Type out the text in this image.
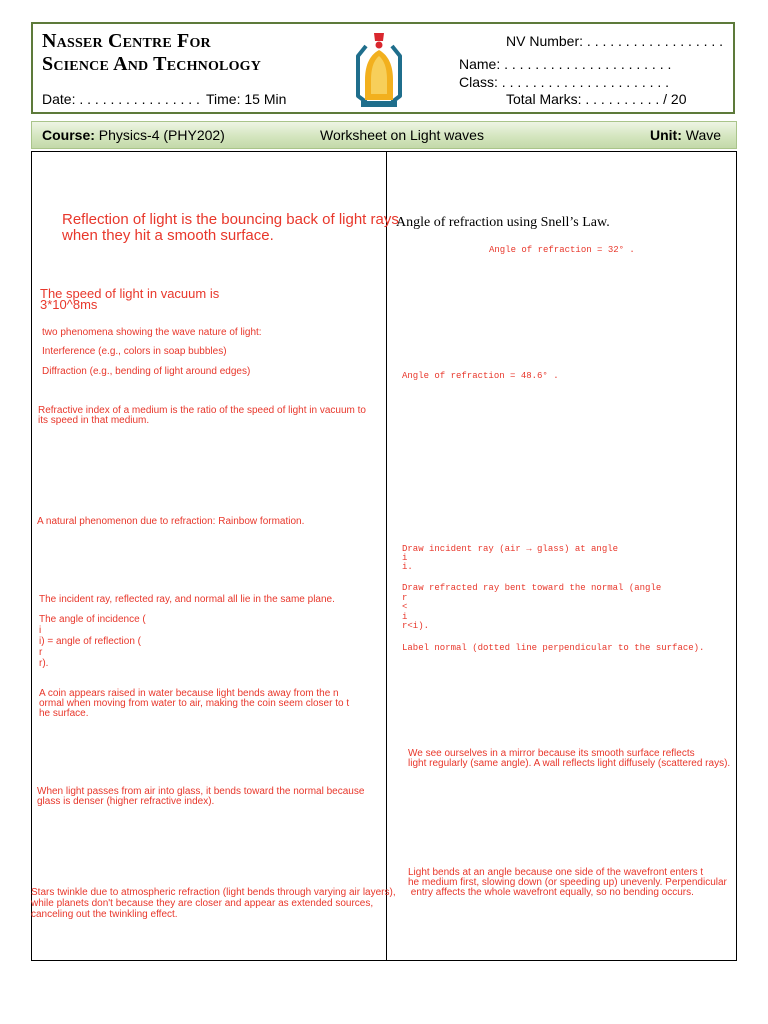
Nasser Centre For
Science And Technology
Date: . . . . . . . . . . . . . . . . Time: 15 Min
NV Number: . . . . . . . . . . . . . . . . . .
Name: . . . . . . . . . . . . . . . . . . . . . .
Class: . . . . . . . . . . . . . . . . . . . . . .
Total Marks: . . . . . . . . . . / 20
Course: Physics-4 (PHY202)	Worksheet on Light waves	Unit: Wave
Reflection of light is the bouncing back of light rays
when they hit a smooth surface.
The speed of light in vacuum is
3*10^8ms
two phenomena showing the wave nature of light:
Interference (e.g., colors in soap bubbles)
Diffraction (e.g., bending of light around edges)
Refractive index of a medium is the ratio of the speed of light in vacuum to
its speed in that medium.
A natural phenomenon due to refraction: Rainbow formation.
The incident ray, reflected ray, and normal all lie in the same plane.
The angle of incidence (
i
i) = angle of reflection (
r
r).
A coin appears raised in water because light bends away from the n
ormal when moving from water to air, making the coin seem closer to t
he surface.
When light passes from air into glass, it bends toward the normal because
glass is denser (higher refractive index).
Stars twinkle due to atmospheric refraction (light bends through varying air layers),
while planets don't because they are closer and appear as extended sources,
canceling out the twinkling effect.
Angle of refraction using Snell’s Law.
Angle of refraction = 32° .
Angle of refraction = 48.6° .
Draw incident ray (air → glass) at angle
i
i.
Draw refracted ray bent toward the normal (angle
r
<
i
r<i).
Label normal (dotted line perpendicular to the surface).
We see ourselves in a mirror because its smooth surface reflects
light regularly (same angle). A wall reflects light diffusely (scattered rays).
Light bends at an angle because one side of the wavefront enters t
he medium first, slowing down (or speeding up) unevenly. Perpendicular
entry affects the whole wavefront equally, so no bending occurs.
